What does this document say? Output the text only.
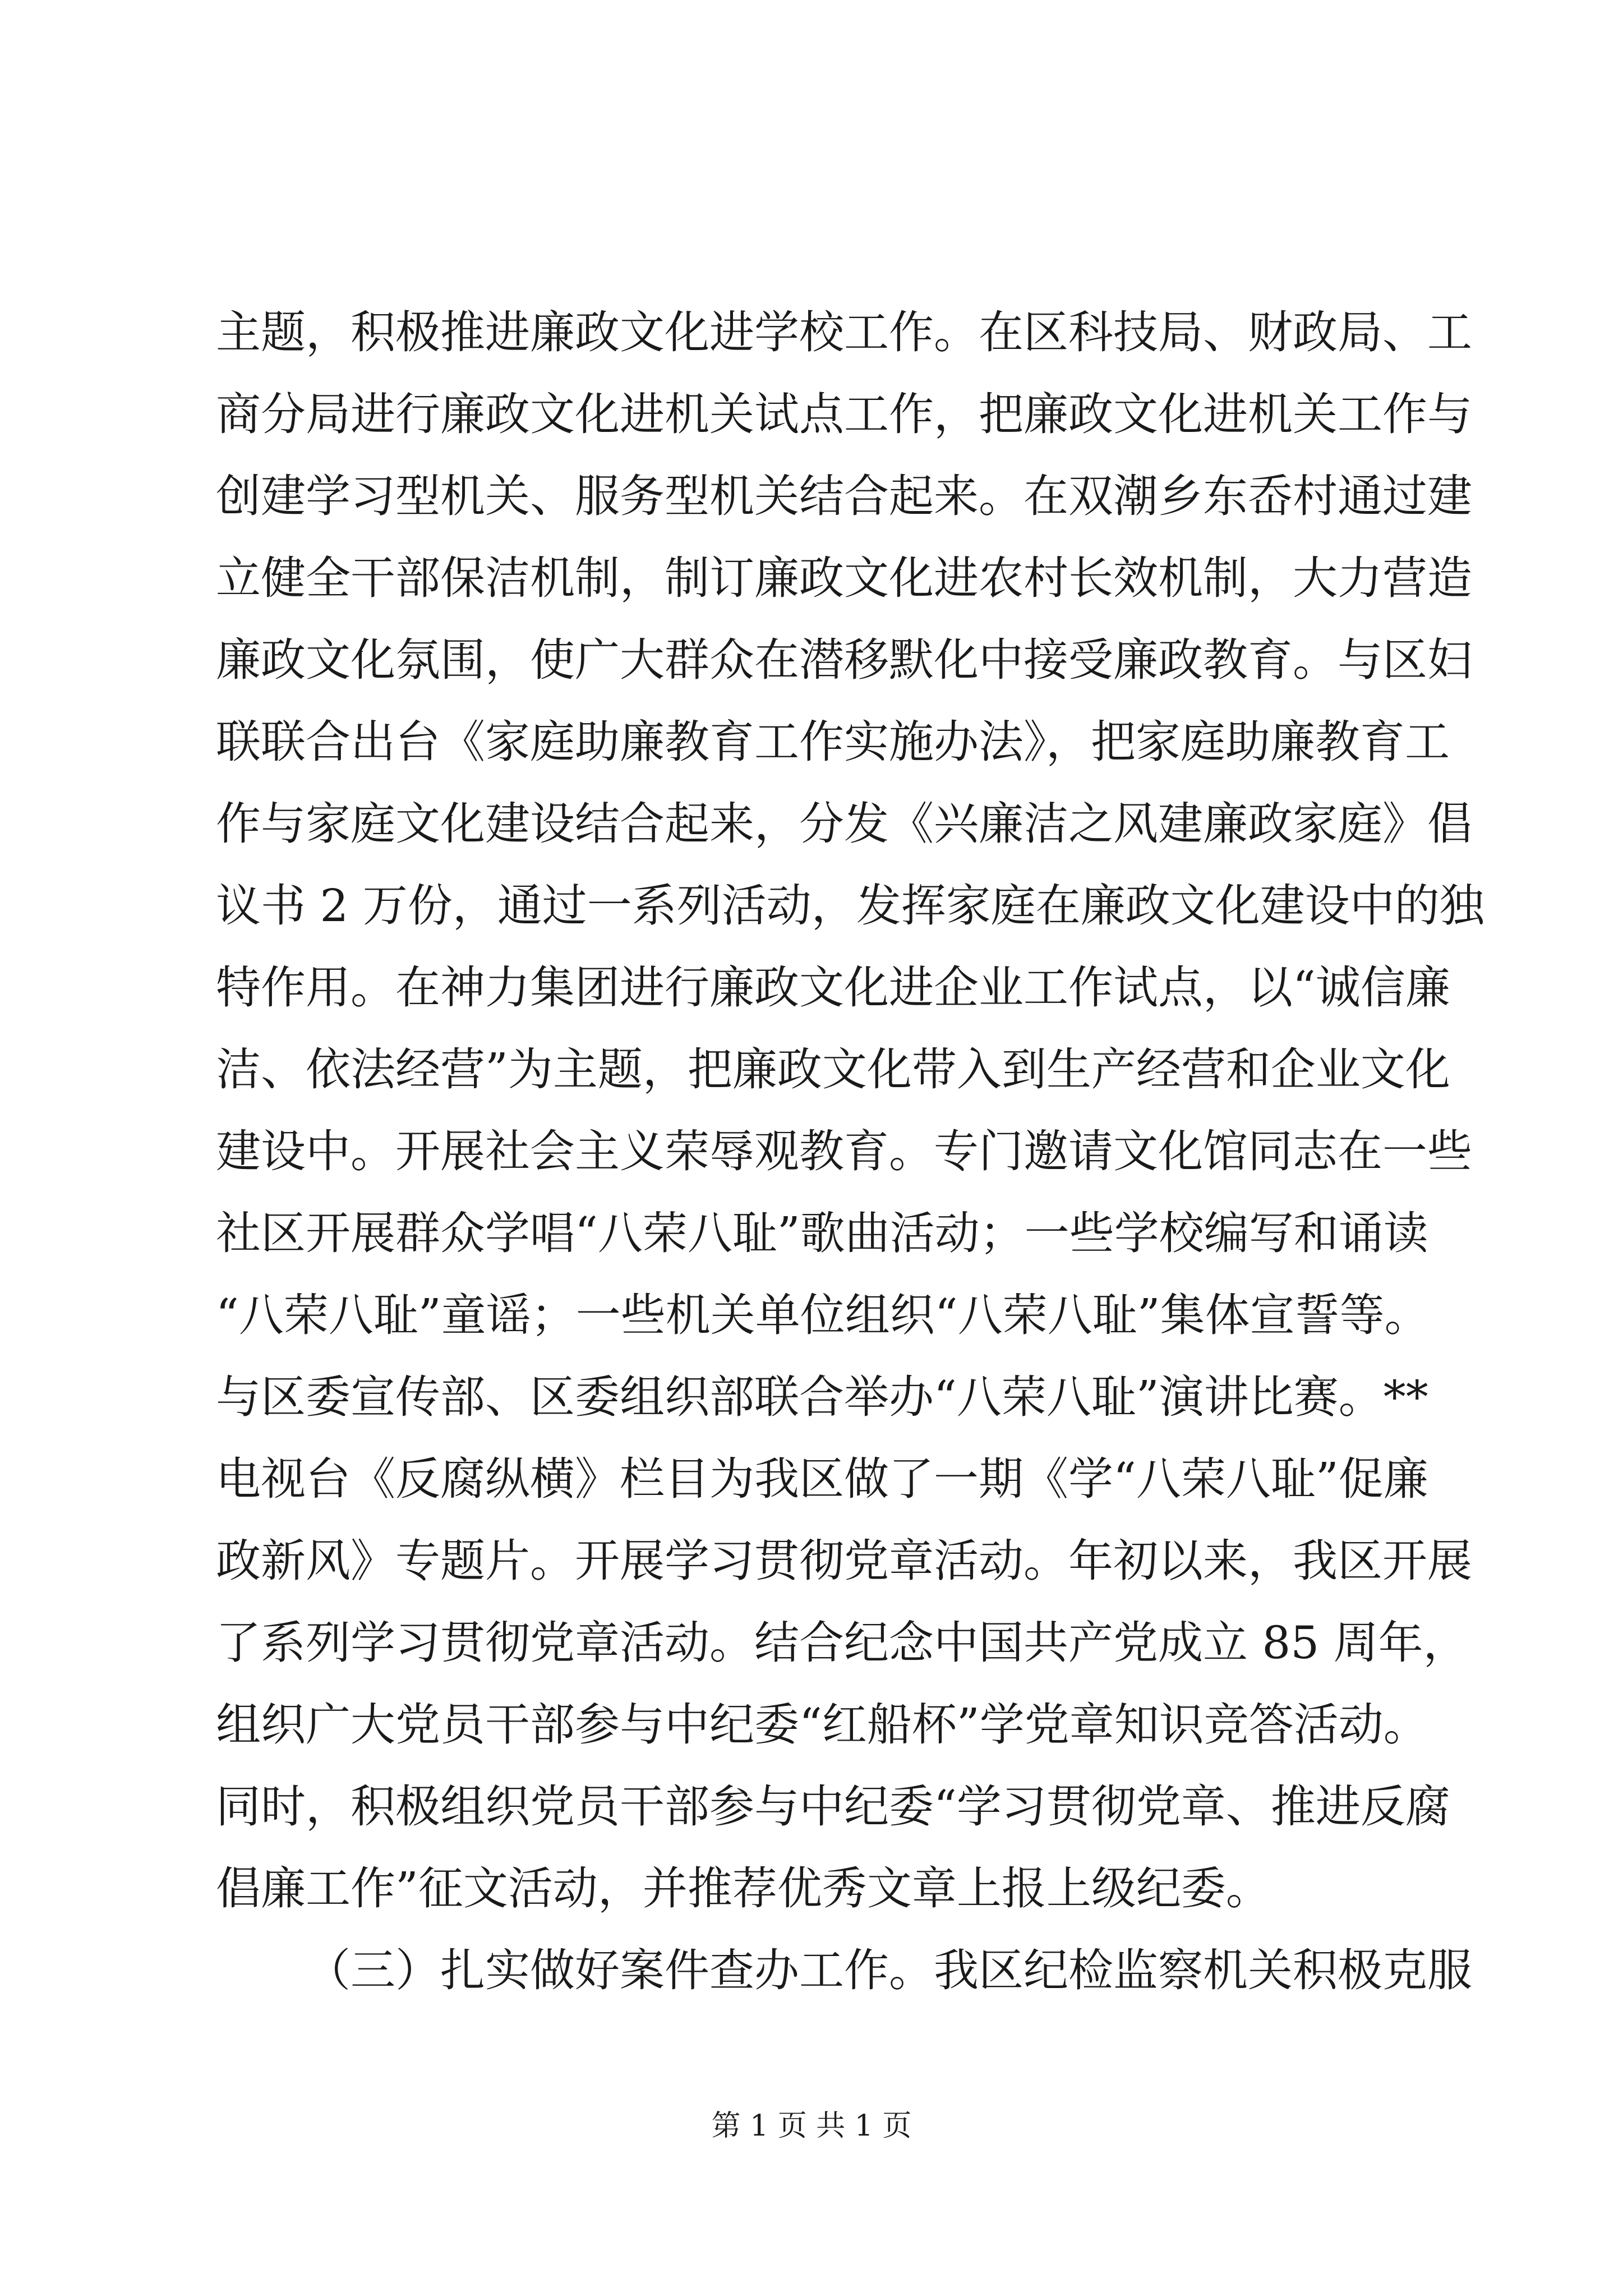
主题，积极推进廉政文化进学校工作。在区科技局、财政局、工
商分局进行廉政文化进机关试点工作，把廉政文化进机关工作与
创建学习型机关、服务型机关结合起来。在双潮乡东岙村通过建
立健全干部保洁机制，制订廉政文化进农村长效机制，大力营造
廉政文化氛围，使广大群众在潜移默化中接受廉政教育。与区妇
联联合出台《家庭助廉教育工作实施办法》，把家庭助廉教育工
作与家庭文化建设结合起来，分发《兴廉洁之风建廉政家庭》倡
议书 2 万份，通过一系列活动，发挥家庭在廉政文化建设中的独
特作用。在神力集团进行廉政文化进企业工作试点，以“诚信廉
洁、依法经营”为主题，把廉政文化带入到生产经营和企业文化
建设中。开展社会主义荣辱观教育。专门邀请文化馆同志在一些
社区开展群众学唱“八荣八耻”歌曲活动；一些学校编写和诵读
“八荣八耻”童谣；一些机关单位组织“八荣八耻”集体宣誓等。
与区委宣传部、区委组织部联合举办“八荣八耻”演讲比赛。**
电视台《反腐纵横》栏目为我区做了一期《学“八荣八耻”促廉
政新风》专题片。开展学习贯彻党章活动。年初以来，我区开展
了系列学习贯彻党章活动。结合纪念中国共产党成立 85 周年，
组织广大党员干部参与中纪委“红船杯”学党章知识竞答活动。
同时，积极组织党员干部参与中纪委“学习贯彻党章、推进反腐
倡廉工作”征文活动，并推荐优秀文章上报上级纪委。
（三）扎实做好案件查办工作。我区纪检监察机关积极克服
第 1 页 共 1 页
